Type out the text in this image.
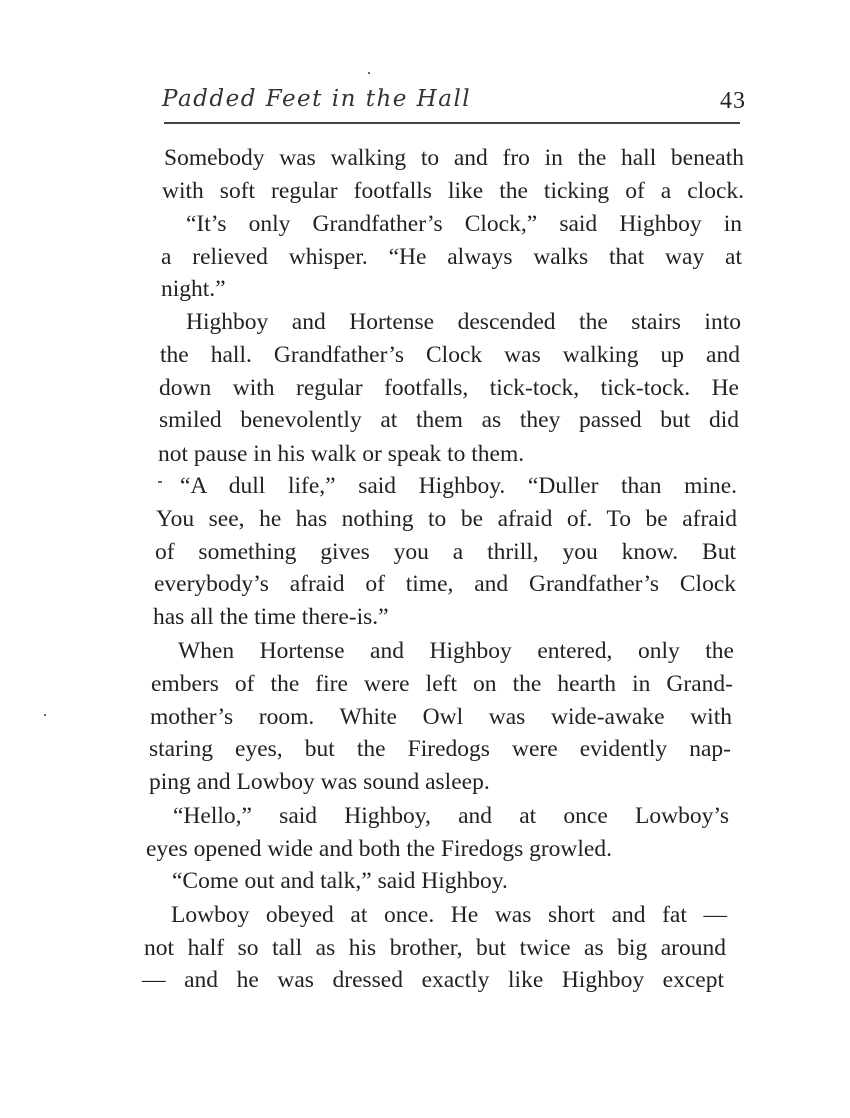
Padded Feet in the Hall	43
Somebody was walking to and fro in the hall beneath
with soft regular footfalls like the ticking of a clock.
“It’s only Grandfather’s Clock,” said Highboy in
a relieved whisper. “He always walks that way at
night.”
Highboy and Hortense descended the stairs into
the hall. Grandfather’s Clock was walking up and
down with regular footfalls, tick-tock, tick-tock. He
smiled benevolently at them as they passed but did
not pause in his walk or speak to them.
“A dull life,” said Highboy. “Duller than mine.
You see, he has nothing to be afraid of. To be afraid
of something gives you a thrill, you know. But
everybody’s afraid of time, and Grandfather’s Clock
has all the time there-is.”
When Hortense and Highboy entered, only the
embers of the fire were left on the hearth in Grand-
mother’s room. White Owl was wide-awake with
staring eyes, but the Firedogs were evidently nap-
ping and Lowboy was sound asleep.
“Hello,” said Highboy, and at once Lowboy’s
eyes opened wide and both the Firedogs growled.
“Come out and talk,” said Highboy.
Lowboy obeyed at once. He was short and fat —
not half so tall as his brother, but twice as big around
— and he was dressed exactly like Highboy except
